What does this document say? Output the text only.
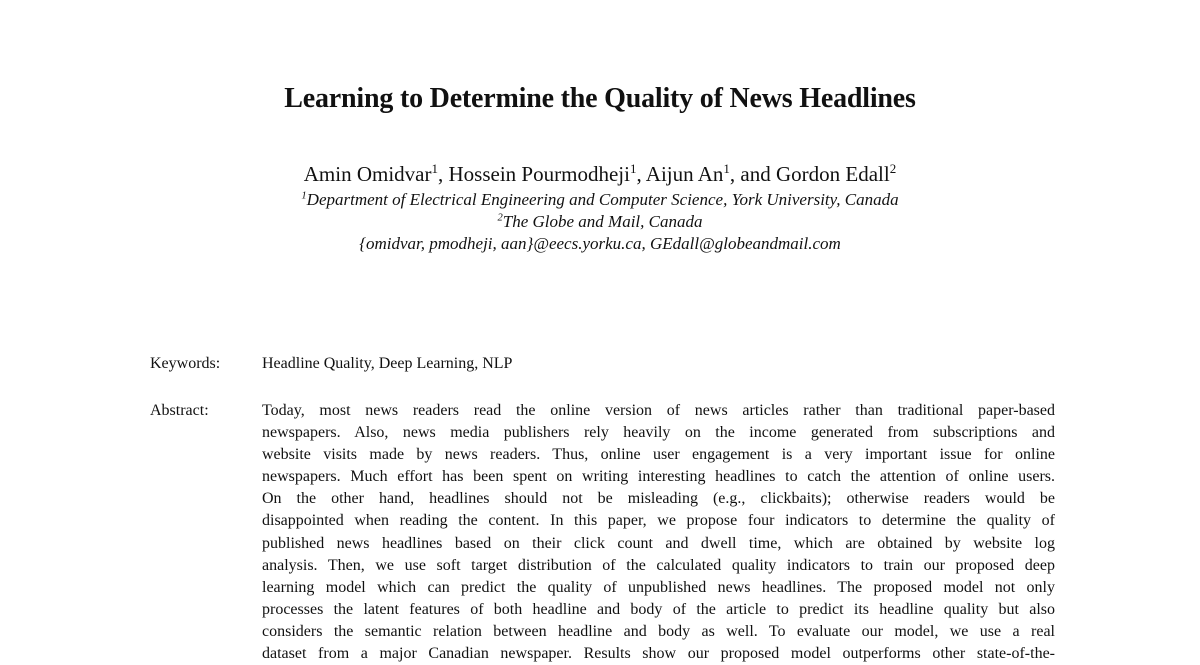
Learning to Determine the Quality of News Headlines
Amin Omidvar$^1$, Hossein Pourmodheji$^1$, Aijun An$^1$, and Gordon Edall$^2$
$^1$Department of Electrical Engineering and Computer Science, York University, Canada
$^2$The Globe and Mail, Canada
{omidvar, pmodheji, aan}@eecs.yorku.ca, GEdall@globeandmail.com
Keywords:	Headline Quality, Deep Learning, NLP
Abstract:	Today, most news readers read the online version of news articles rather than traditional paper-based
newspapers. Also, news media publishers rely heavily on the income generated from subscriptions and
website visits made by news readers. Thus, online user engagement is a very important issue for online
newspapers. Much effort has been spent on writing interesting headlines to catch the attention of online users.
On the other hand, headlines should not be misleading (e.g., clickbaits); otherwise readers would be
disappointed when reading the content. In this paper, we propose four indicators to determine the quality of
published news headlines based on their click count and dwell time, which are obtained by website log
analysis. Then, we use soft target distribution of the calculated quality indicators to train our proposed deep
learning model which can predict the quality of unpublished news headlines. The proposed model not only
processes the latent features of both headline and body of the article to predict its headline quality but also
considers the semantic relation between headline and body as well. To evaluate our model, we use a real
dataset from a major Canadian newspaper. Results show our proposed model outperforms other state-of-the-
